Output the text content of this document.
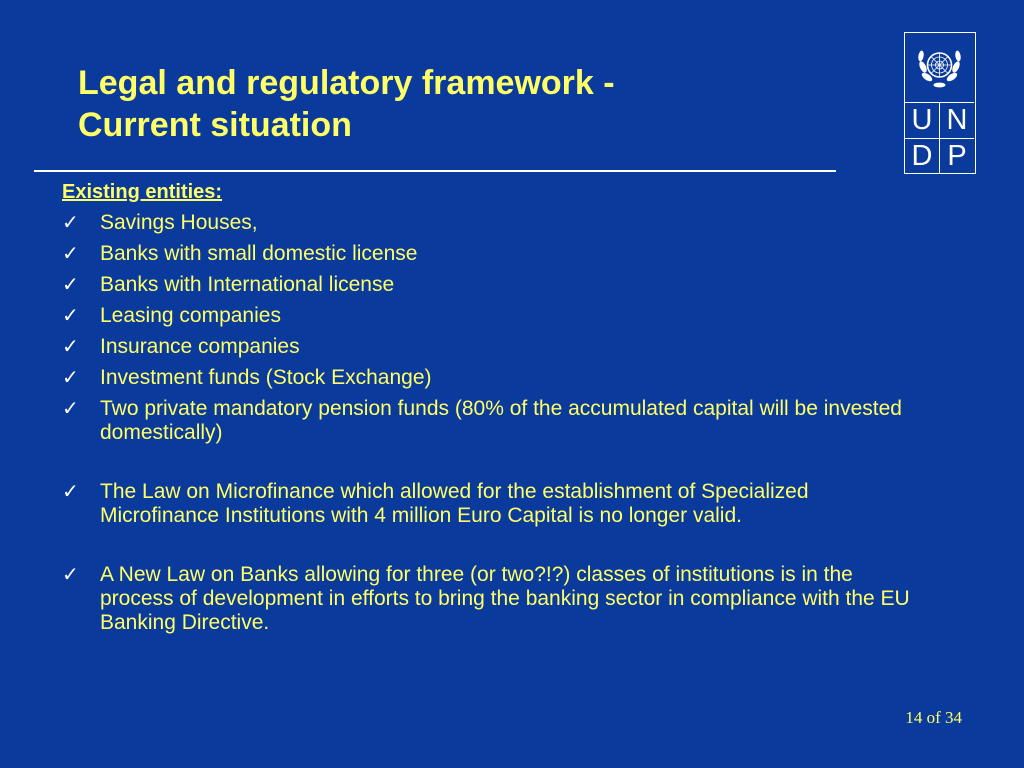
Legal and regulatory framework -
Current situation	U N
D P
Existing entities:
✓	Savings Houses,
✓	Banks with small domestic license
✓	Banks with International license
✓	Leasing companies
✓	Insurance companies
✓	Investment funds (Stock Exchange)
✓	Two private mandatory pension funds (80% of the accumulated capital will be invested domestically)
✓	The Law on Microfinance which allowed for the establishment of Specialized Microfinance Institutions with 4 million Euro Capital is no longer valid.
✓	A New Law on Banks allowing for three (or two?!?) classes of institutions is in the process of development in efforts to bring the banking sector in compliance with the EU Banking Directive.
14 of 34
